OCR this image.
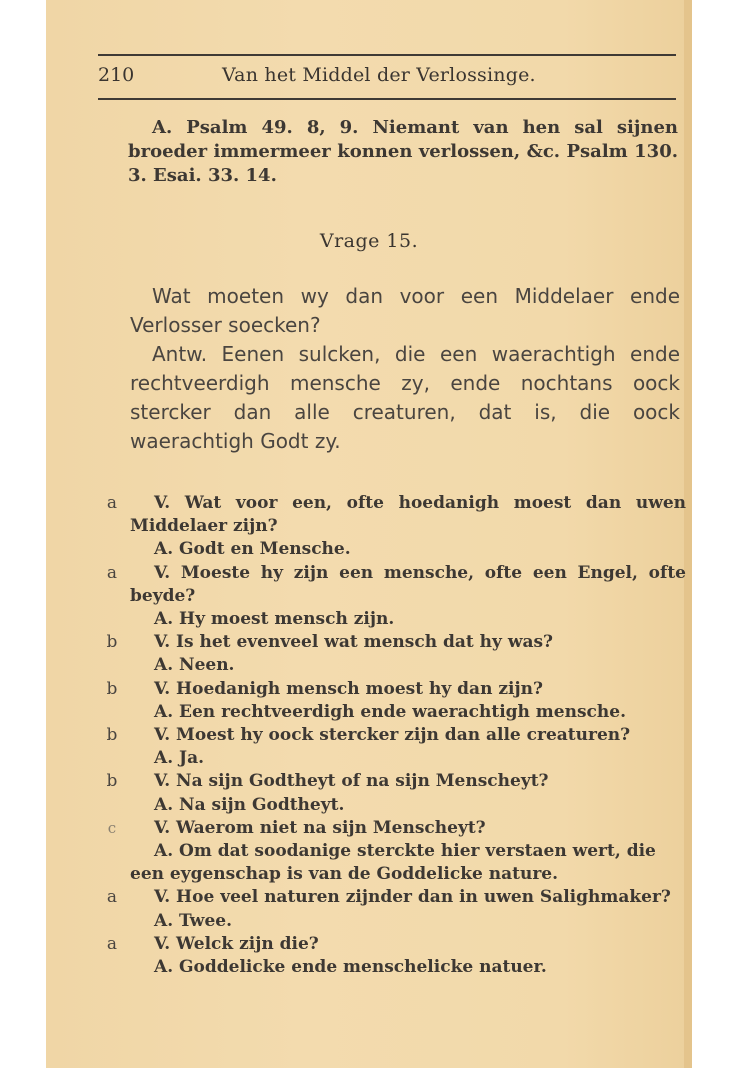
210	Van het Middel der Verlossinge.

A. Psalm 49. 8, 9. Niemant van hen sal sijnen broeder immermeer konnen verlossen, &c. Psalm 130. 3. Esai. 33. 14.

Vrage 15.

Wat moeten wy dan voor een Middelaer ende Verlosser soecken?

Antw. Eenen sulcken, die een waerachtigh ende rechtveerdigh mensche zy, ende nochtans oock stercker dan alle creaturen, dat is, die oock waerachtigh Godt zy.

a	V. Wat voor een, ofte hoedanigh moest dan uwen Middelaer zijn?
A. Godt en Mensche.
a	V. Moeste hy zijn een mensche, ofte een Engel, ofte beyde?
A. Hy moest mensch zijn.
b	V. Is het evenveel wat mensch dat hy was?
A. Neen.
b	V. Hoedanigh mensch moest hy dan zijn?
A. Een rechtveerdigh ende waerachtigh mensche.
b	V. Moest hy oock stercker zijn dan alle creaturen?
A. Ja.
b	V. Na sijn Godtheyt of na sijn Menscheyt?
A. Na sijn Godtheyt.
c	V. Waerom niet na sijn Menscheyt?
A. Om dat soodanige sterckte hier verstaen wert, die een eygenschap is van de Goddelicke nature.
a	V. Hoe veel naturen zijnder dan in uwen Salighmaker?
A. Twee.
a	V. Welck zijn die?
A. Goddelicke ende menschelicke natuer.
